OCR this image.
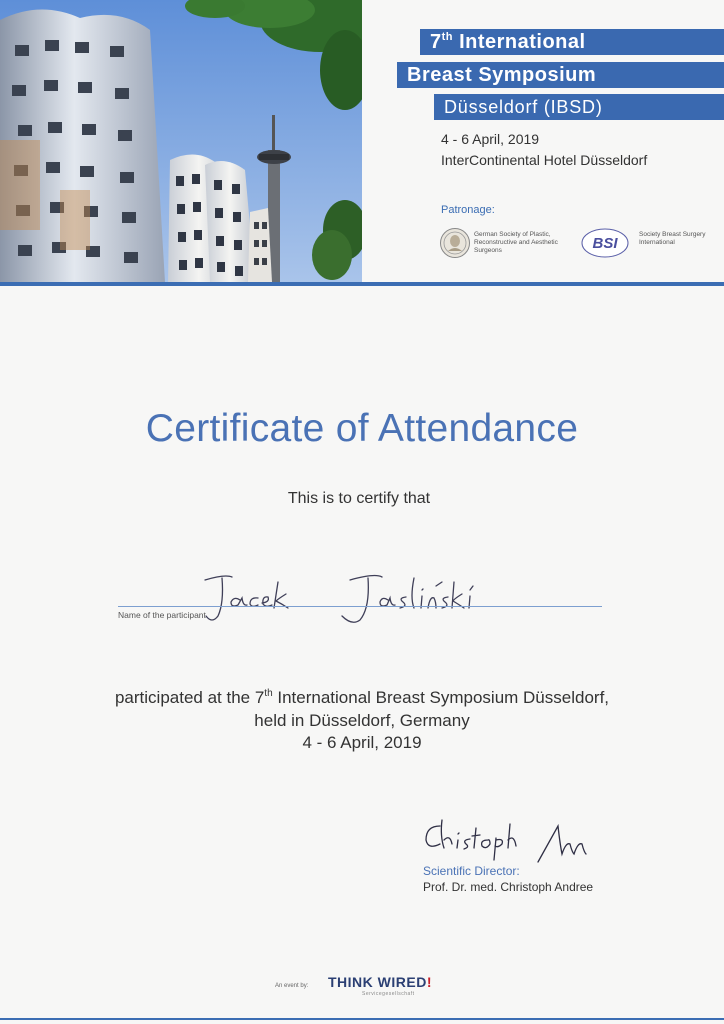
7th International
Breast Symposium
Düsseldorf (IBSD)
4 - 6 April, 2019
InterContinental Hotel Düsseldorf
Patronage:
German Society of Plastic, Reconstructive and Aesthetic Surgeons	BSI
Society Breast Surgery International
Certificate of Attendance
This is to certify that
Name of the participant
participated at the 7th International Breast Symposium Düsseldorf,
held in Düsseldorf, Germany
4 - 6 April, 2019
Scientific Director:
Prof. Dr. med. Christoph Andree
An event by: THINK WIRED!
Servicegesellschaft
